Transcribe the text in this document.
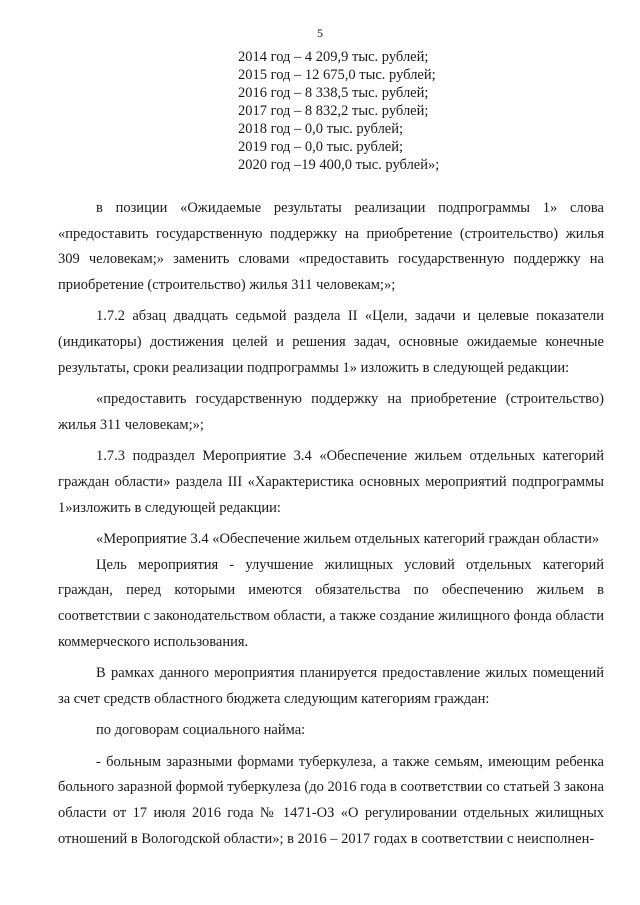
5
2014 год – 4 209,9 тыс. рублей;
2015 год – 12 675,0 тыс. рублей;
2016 год – 8 338,5 тыс. рублей;
2017 год – 8 832,2 тыс. рублей;
2018 год – 0,0 тыс. рублей;
2019 год – 0,0 тыс. рублей;
2020 год –19 400,0 тыс. рублей»;

в позиции «Ожидаемые результаты реализации подпрограммы 1» слова «предоставить государственную поддержку на приобретение (строительство) жилья 309 человекам;» заменить словами «предоставить государственную поддержку на приобретение (строительство) жилья 311 человекам;»;

1.7.2 абзац двадцать седьмой раздела II «Цели, задачи и целевые показатели (индикаторы) достижения целей и решения задач, основные ожидаемые конечные результаты, сроки реализации подпрограммы 1» изложить в следующей редакции:

«предоставить государственную поддержку на приобретение (строительство) жилья 311 человекам;»;

1.7.3 подраздел Мероприятие 3.4 «Обеспечение жильем отдельных категорий граждан области» раздела III «Характеристика основных мероприятий подпрограммы 1»изложить в следующей редакции:

«Мероприятие 3.4 «Обеспечение жильем отдельных категорий граждан области»

Цель мероприятия - улучшение жилищных условий отдельных категорий граждан, перед которыми имеются обязательства по обеспечению жильем в соответствии с законодательством области, а также создание жилищного фонда области коммерческого использования.

В рамках данного мероприятия планируется предоставление жилых помещений за счет средств областного бюджета следующим категориям граждан:

по договорам социального найма:

- больным заразными формами туберкулеза, а также семьям, имеющим ребенка больного заразной формой туберкулеза (до 2016 года в соответствии со статьей 3 закона области от 17 июля 2016 года № 1471-ОЗ «О регулировании отдельных жилищных отношений в Вологодской области»; в 2016 – 2017 годах в соответствии с неисполнен-
